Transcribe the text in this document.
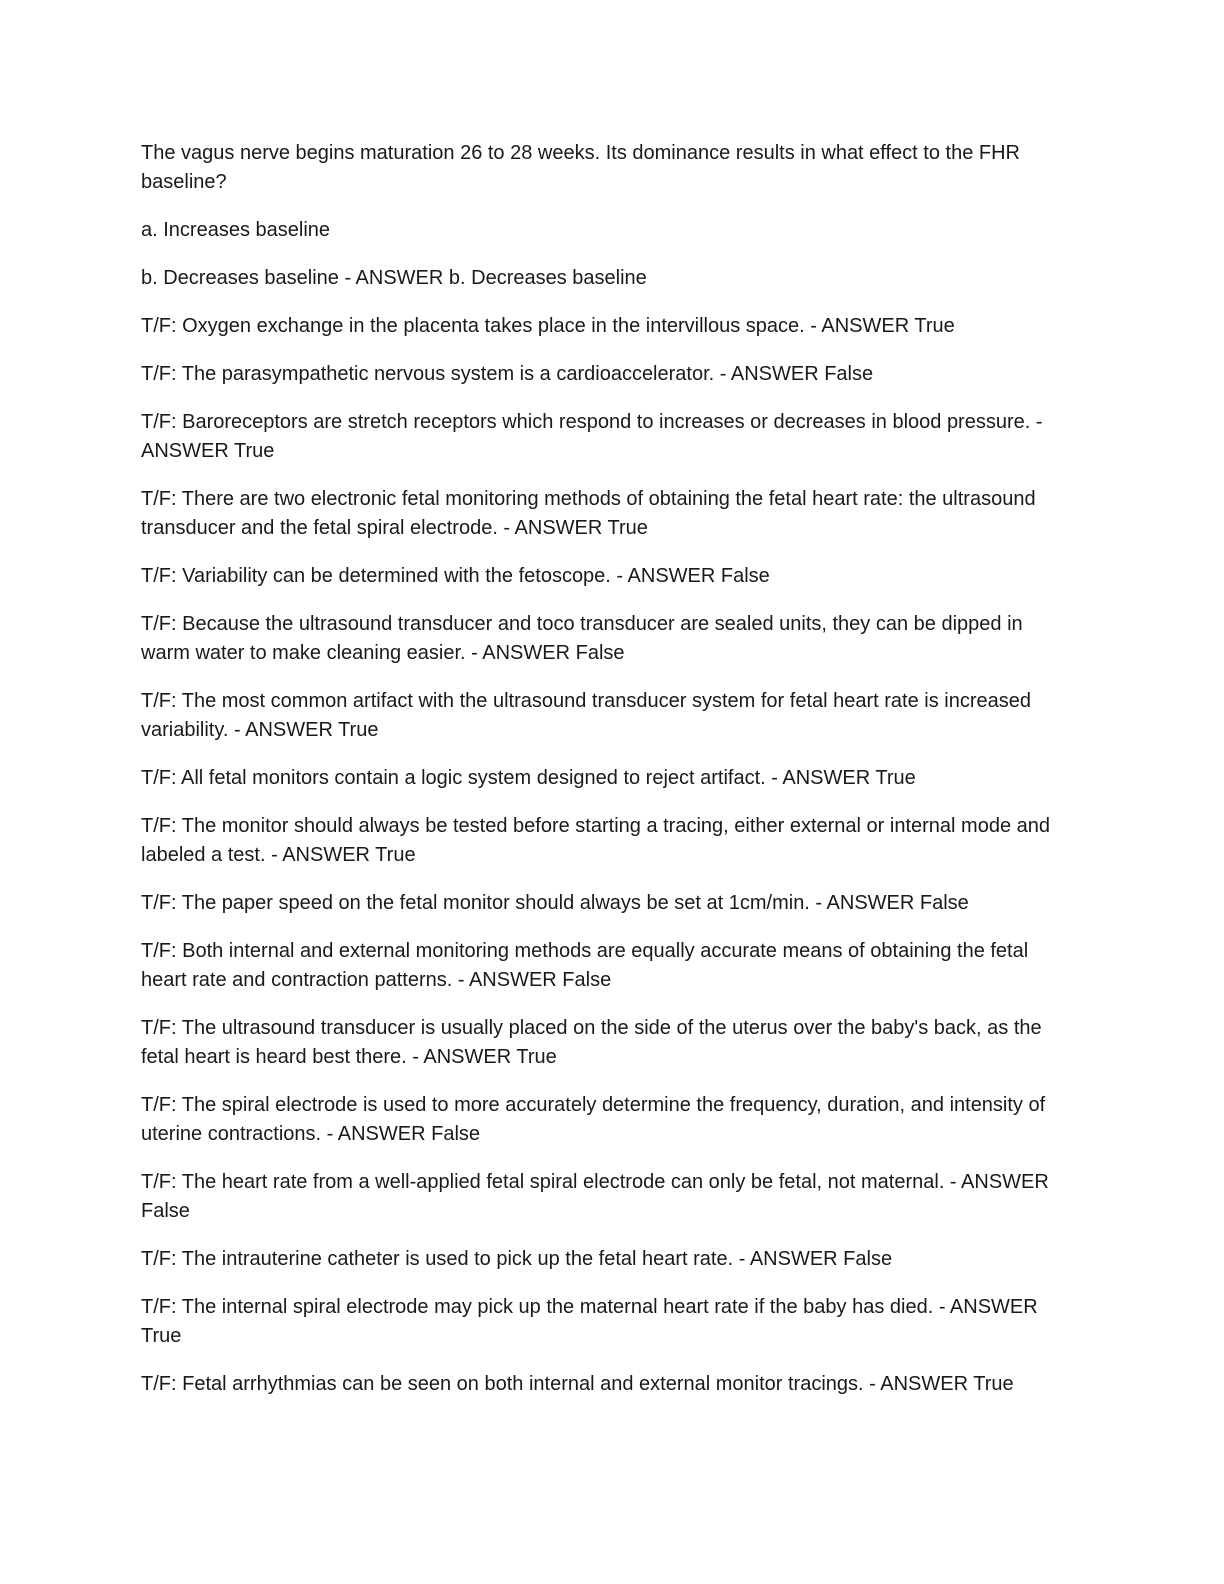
The vagus nerve begins maturation 26 to 28 weeks. Its dominance results in what effect to the FHR baseline?

a. Increases baseline

b. Decreases baseline - ANSWER b. Decreases baseline

T/F: Oxygen exchange in the placenta takes place in the intervillous space. - ANSWER True

T/F: The parasympathetic nervous system is a cardioaccelerator. - ANSWER False

T/F: Baroreceptors are stretch receptors which respond to increases or decreases in blood pressure. - ANSWER True

T/F: There are two electronic fetal monitoring methods of obtaining the fetal heart rate: the ultrasound transducer and the fetal spiral electrode. - ANSWER True

T/F: Variability can be determined with the fetoscope. - ANSWER False

T/F: Because the ultrasound transducer and toco transducer are sealed units, they can be dipped in warm water to make cleaning easier. - ANSWER False

T/F: The most common artifact with the ultrasound transducer system for fetal heart rate is increased variability. - ANSWER True

T/F: All fetal monitors contain a logic system designed to reject artifact. - ANSWER True

T/F: The monitor should always be tested before starting a tracing, either external or internal mode and labeled a test. - ANSWER True

T/F: The paper speed on the fetal monitor should always be set at 1cm/min. - ANSWER False

T/F: Both internal and external monitoring methods are equally accurate means of obtaining the fetal heart rate and contraction patterns. - ANSWER False

T/F: The ultrasound transducer is usually placed on the side of the uterus over the baby's back, as the fetal heart is heard best there. - ANSWER True

T/F: The spiral electrode is used to more accurately determine the frequency, duration, and intensity of uterine contractions. - ANSWER False

T/F: The heart rate from a well-applied fetal spiral electrode can only be fetal, not maternal. - ANSWER False

T/F: The intrauterine catheter is used to pick up the fetal heart rate. - ANSWER False

T/F: The internal spiral electrode may pick up the maternal heart rate if the baby has died. - ANSWER True

T/F: Fetal arrhythmias can be seen on both internal and external monitor tracings. - ANSWER True
